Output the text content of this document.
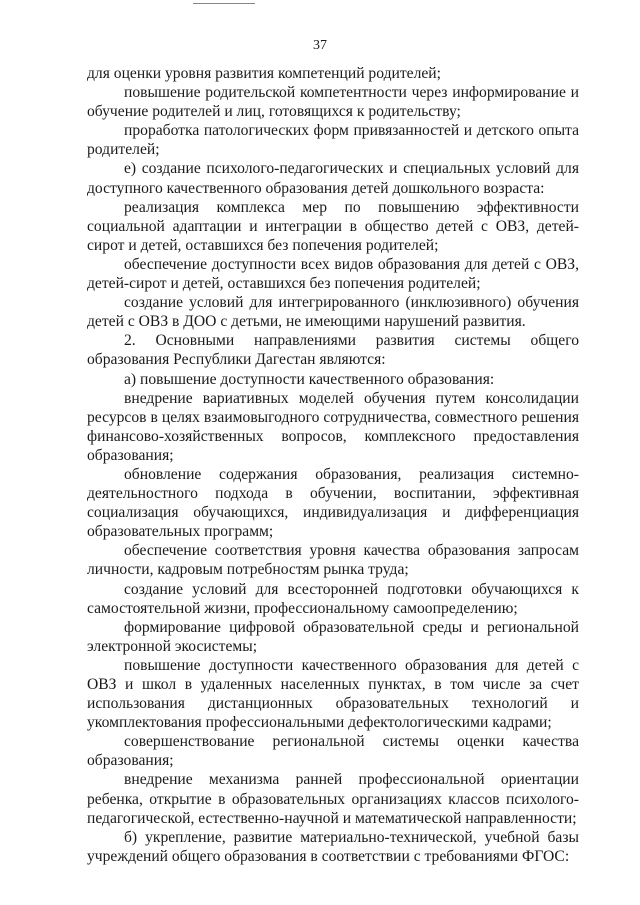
37

для оценки уровня развития компетенций родителей;

повышение родительской компетентности через информирование и обучение родителей и лиц, готовящихся к родительству;

проработка патологических форм привязанностей и детского опыта родителей;

е) создание психолого-педагогических и специальных условий для доступного качественного образования детей дошкольного возраста:

реализация комплекса мер по повышению эффективности социальной адаптации и интеграции в общество детей с ОВЗ, детей-сирот и детей, оставшихся без попечения родителей;

обеспечение доступности всех видов образования для детей с ОВЗ, детей-сирот и детей, оставшихся без попечения родителей;

создание условий для интегрированного (инклюзивного) обучения детей с ОВЗ в ДОО с детьми, не имеющими нарушений развития.

2. Основными направлениями развития системы общего образования Республики Дагестан являются:

а) повышение доступности качественного образования:

внедрение вариативных моделей обучения путем консолидации ресурсов в целях взаимовыгодного сотрудничества, совместного решения финансово-хозяйственных вопросов, комплексного предоставления образования;

обновление содержания образования, реализация системно-деятельностного подхода в обучении, воспитании, эффективная социализация обучающихся, индивидуализация и дифференциация образовательных программ;

обеспечение соответствия уровня качества образования запросам личности, кадровым потребностям рынка труда;

создание условий для всесторонней подготовки обучающихся к самостоятельной жизни, профессиональному самоопределению;

формирование цифровой образовательной среды и региональной электронной экосистемы;

повышение доступности качественного образования для детей с ОВЗ и школ в удаленных населенных пунктах, в том числе за счет использования дистанционных образовательных технологий и укомплектования профессиональными дефектологическими кадрами;

совершенствование региональной системы оценки качества образования;

внедрение механизма ранней профессиональной ориентации ребенка, открытие в образовательных организациях классов психолого-педагогической, естественно-научной и математической направленности;

б) укрепление, развитие материально-технической, учебной базы учреждений общего образования в соответствии с требованиями ФГОС:
